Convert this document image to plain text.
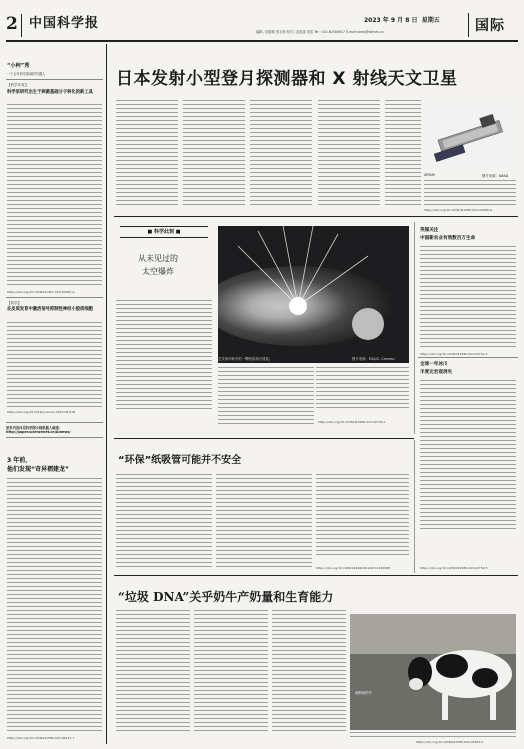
2 中国科学报	2023 年 9 月 8 日 星期五
编辑 / 赵熙熙 张吉珍 校对 / 赵浚菡 电话 Tel：010-62580617 E-mail:news@stimes.cn	国际
“小柯”秀
一个会写科学新闻的机器人
【科学年度】
科学家研究出生于病菌基础分子转化的新工具
https://doi.org/10.1038/s41467-023-40900-w
【科学】
在皮质发育中激活信号抑制性神经小胶质细胞
https://doi.org/10.1016/j.neuron.2023.08.018
更多内容详见科学网小柯机器人频道：
http://paper.sciencenet.cn/AInews/
3 年前，
他们发现“奇异褶建龙”
https://doi.org/10.1038/s41586-023-06513-7
日本发射小型登月探测器和 X 射线天文卫星
XRISM	图片来源：NASA
https://doi.org/10.1038/d41586-023-02890-w
■ 科学此刻 ■
从未见过的
太空爆炸
艺术家印象中的一颗恒星和白矮星。	图片来源：ESA/C. Carreau
https://doi.org/10.1038/d41586-023-02730-x
英媒关注
中国新农业有效数百万生命
https://doi.org/10.1038/d41586-023-02741-2
全球一年冰川
丰度比宏观消失
https://doi.org/10.1038/d41586-023-02739-5
“环保”纸吸管可能并不安全
https://doi.org/10.1080/19440049.2023.2240908
“垃圾 DNA”关乎奶牛产奶量和生育能力
荷斯坦奶牛
https://doi.org/10.1038/s41588-023-01603-0
